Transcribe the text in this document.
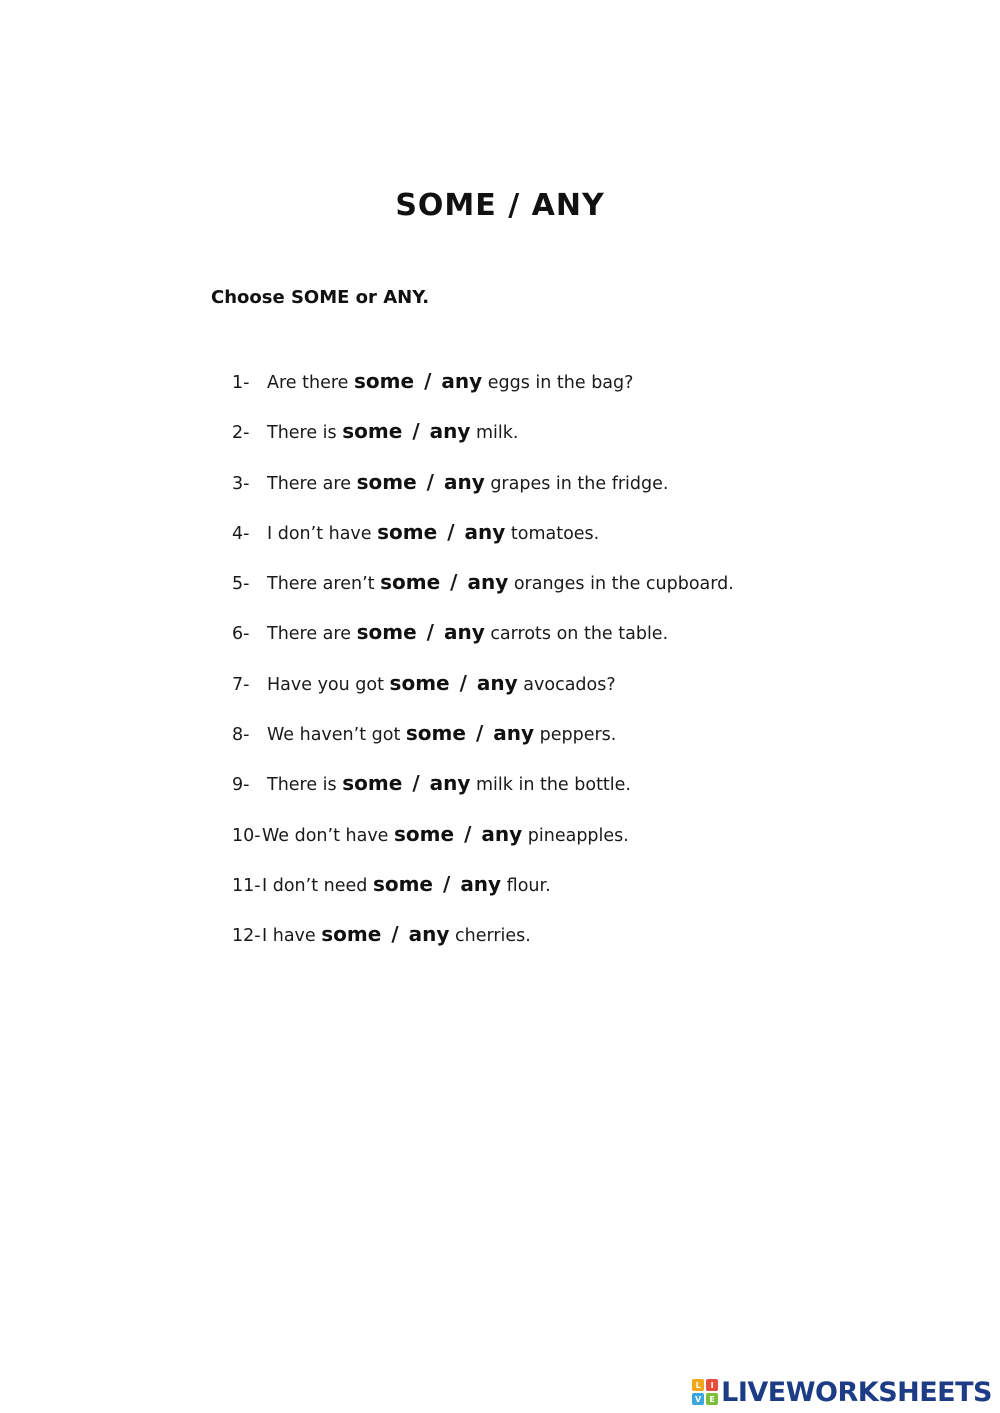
SOME / ANY
Choose SOME or ANY.
1- Are there some / any eggs in the bag?
2- There is some / any milk.
3- There are some / any grapes in the fridge.
4- I don’t have some / any tomatoes.
5- There aren’t some / any oranges in the cupboard.
6- There are some / any carrots on the table.
7- Have you got some / any avocados?
8- We haven’t got some / any peppers.
9- There is some / any milk in the bottle.
10-We don’t have some / any pineapples.
11-I don’t need some / any flour.
12-I have some / any cherries.
L	I
V	E LIVEWORKSHEETS
